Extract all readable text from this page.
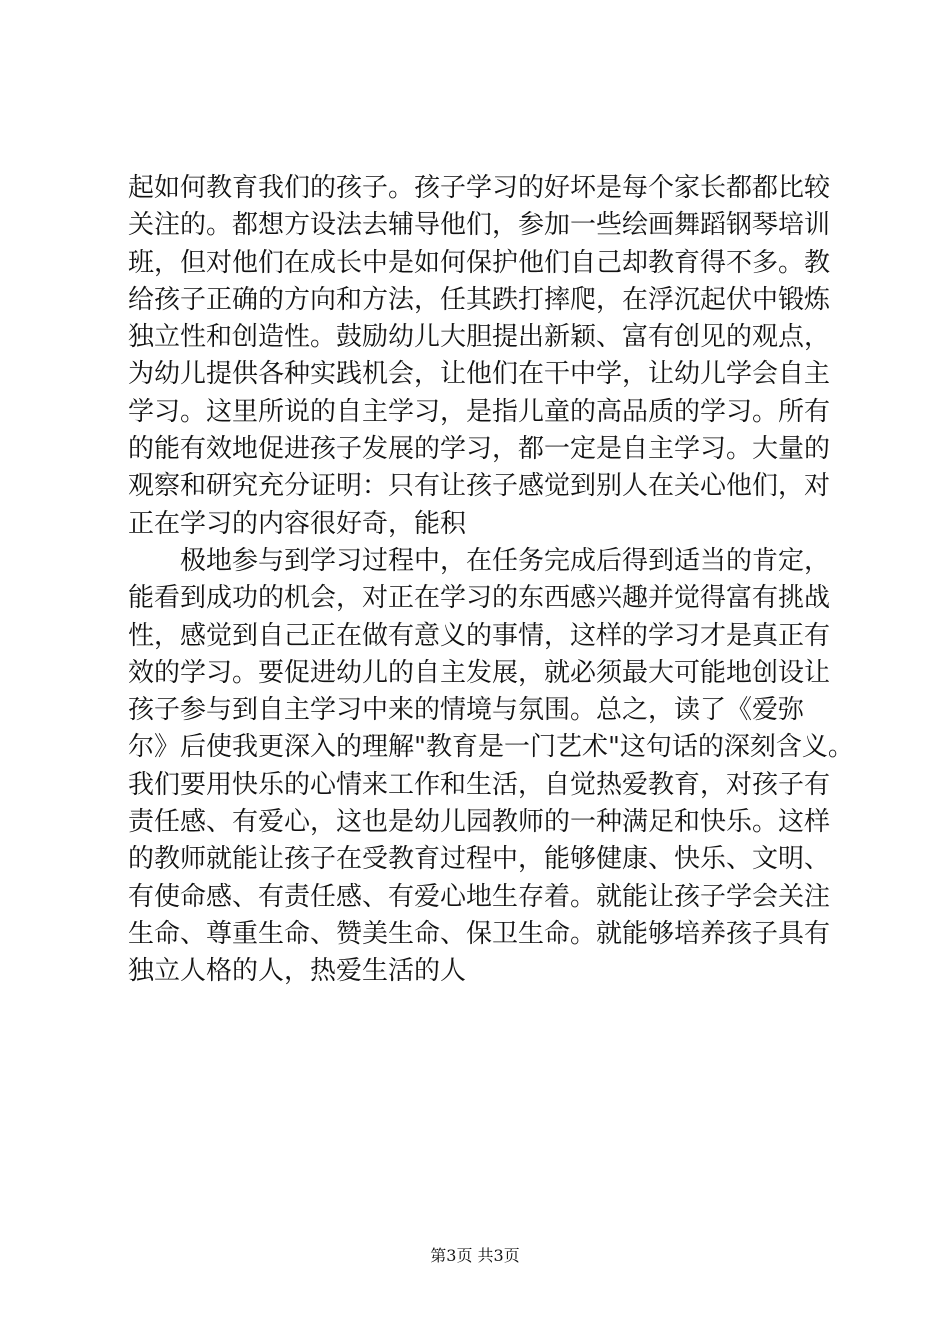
起如何教育我们的孩子。孩子学习的好坏是每个家长都都比较
关注的。都想方设法去辅导他们，参加一些绘画舞蹈钢琴培训
班，但对他们在成长中是如何保护他们自己却教育得不多。教
给孩子正确的方向和方法，任其跌打摔爬，在浮沉起伏中锻炼
独立性和创造性。鼓励幼儿大胆提出新颖、富有创见的观点，
为幼儿提供各种实践机会，让他们在干中学，让幼儿学会自主
学习。这里所说的自主学习，是指儿童的高品质的学习。所有
的能有效地促进孩子发展的学习，都一定是自主学习。大量的
观察和研究充分证明：只有让孩子感觉到别人在关心他们，对
正在学习的内容很好奇，能积
极地参与到学习过程中，在任务完成后得到适当的肯定，
能看到成功的机会，对正在学习的东西感兴趣并觉得富有挑战
性，感觉到自己正在做有意义的事情，这样的学习才是真正有
效的学习。要促进幼儿的自主发展，就必须最大可能地创设让
孩子参与到自主学习中来的情境与氛围。总之，读了《爱弥
尔》后使我更深入的理解"教育是一门艺术"这句话的深刻含义。
我们要用快乐的心情来工作和生活，自觉热爱教育，对孩子有
责任感、有爱心，这也是幼儿园教师的一种满足和快乐。这样
的教师就能让孩子在受教育过程中，能够健康、快乐、文明、
有使命感、有责任感、有爱心地生存着。就能让孩子学会关注
生命、尊重生命、赞美生命、保卫生命。就能够培养孩子具有
独立人格的人，热爱生活的人
第3页 共3页
